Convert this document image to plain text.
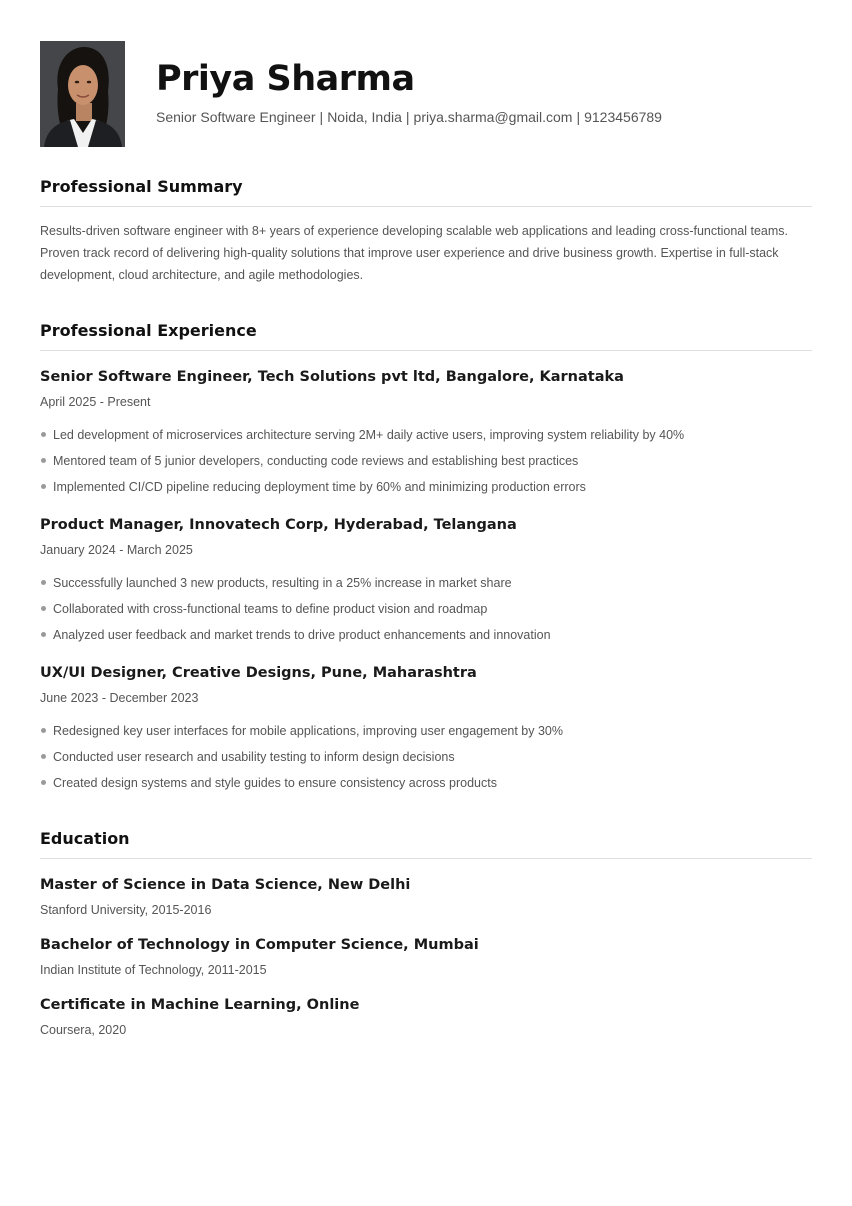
Priya Sharma
Senior Software Engineer | Noida, India | priya.sharma@gmail.com | 9123456789
Professional Summary

Results-driven software engineer with 8+ years of experience developing scalable web applications and leading cross-functional teams. Proven track record of delivering high-quality solutions that improve user experience and drive business growth. Expertise in full-stack development, cloud architecture, and agile methodologies.

Professional Experience
Senior Software Engineer, Tech Solutions pvt ltd, Bangalore, Karnataka
April 2025 - Present
Led development of microservices architecture serving 2M+ daily active users, improving system reliability by 40%
Mentored team of 5 junior developers, conducting code reviews and establishing best practices
Implemented CI/CD pipeline reducing deployment time by 60% and minimizing production errors
Product Manager, Innovatech Corp, Hyderabad, Telangana
January 2024 - March 2025
Successfully launched 3 new products, resulting in a 25% increase in market share
Collaborated with cross-functional teams to define product vision and roadmap
Analyzed user feedback and market trends to drive product enhancements and innovation
UX/UI Designer, Creative Designs, Pune, Maharashtra
June 2023 - December 2023
Redesigned key user interfaces for mobile applications, improving user engagement by 30%
Conducted user research and usability testing to inform design decisions
Created design systems and style guides to ensure consistency across products
Education
Master of Science in Data Science, New Delhi
Stanford University, 2015-2016
Bachelor of Technology in Computer Science, Mumbai
Indian Institute of Technology, 2011-2015
Certificate in Machine Learning, Online
Coursera, 2020
